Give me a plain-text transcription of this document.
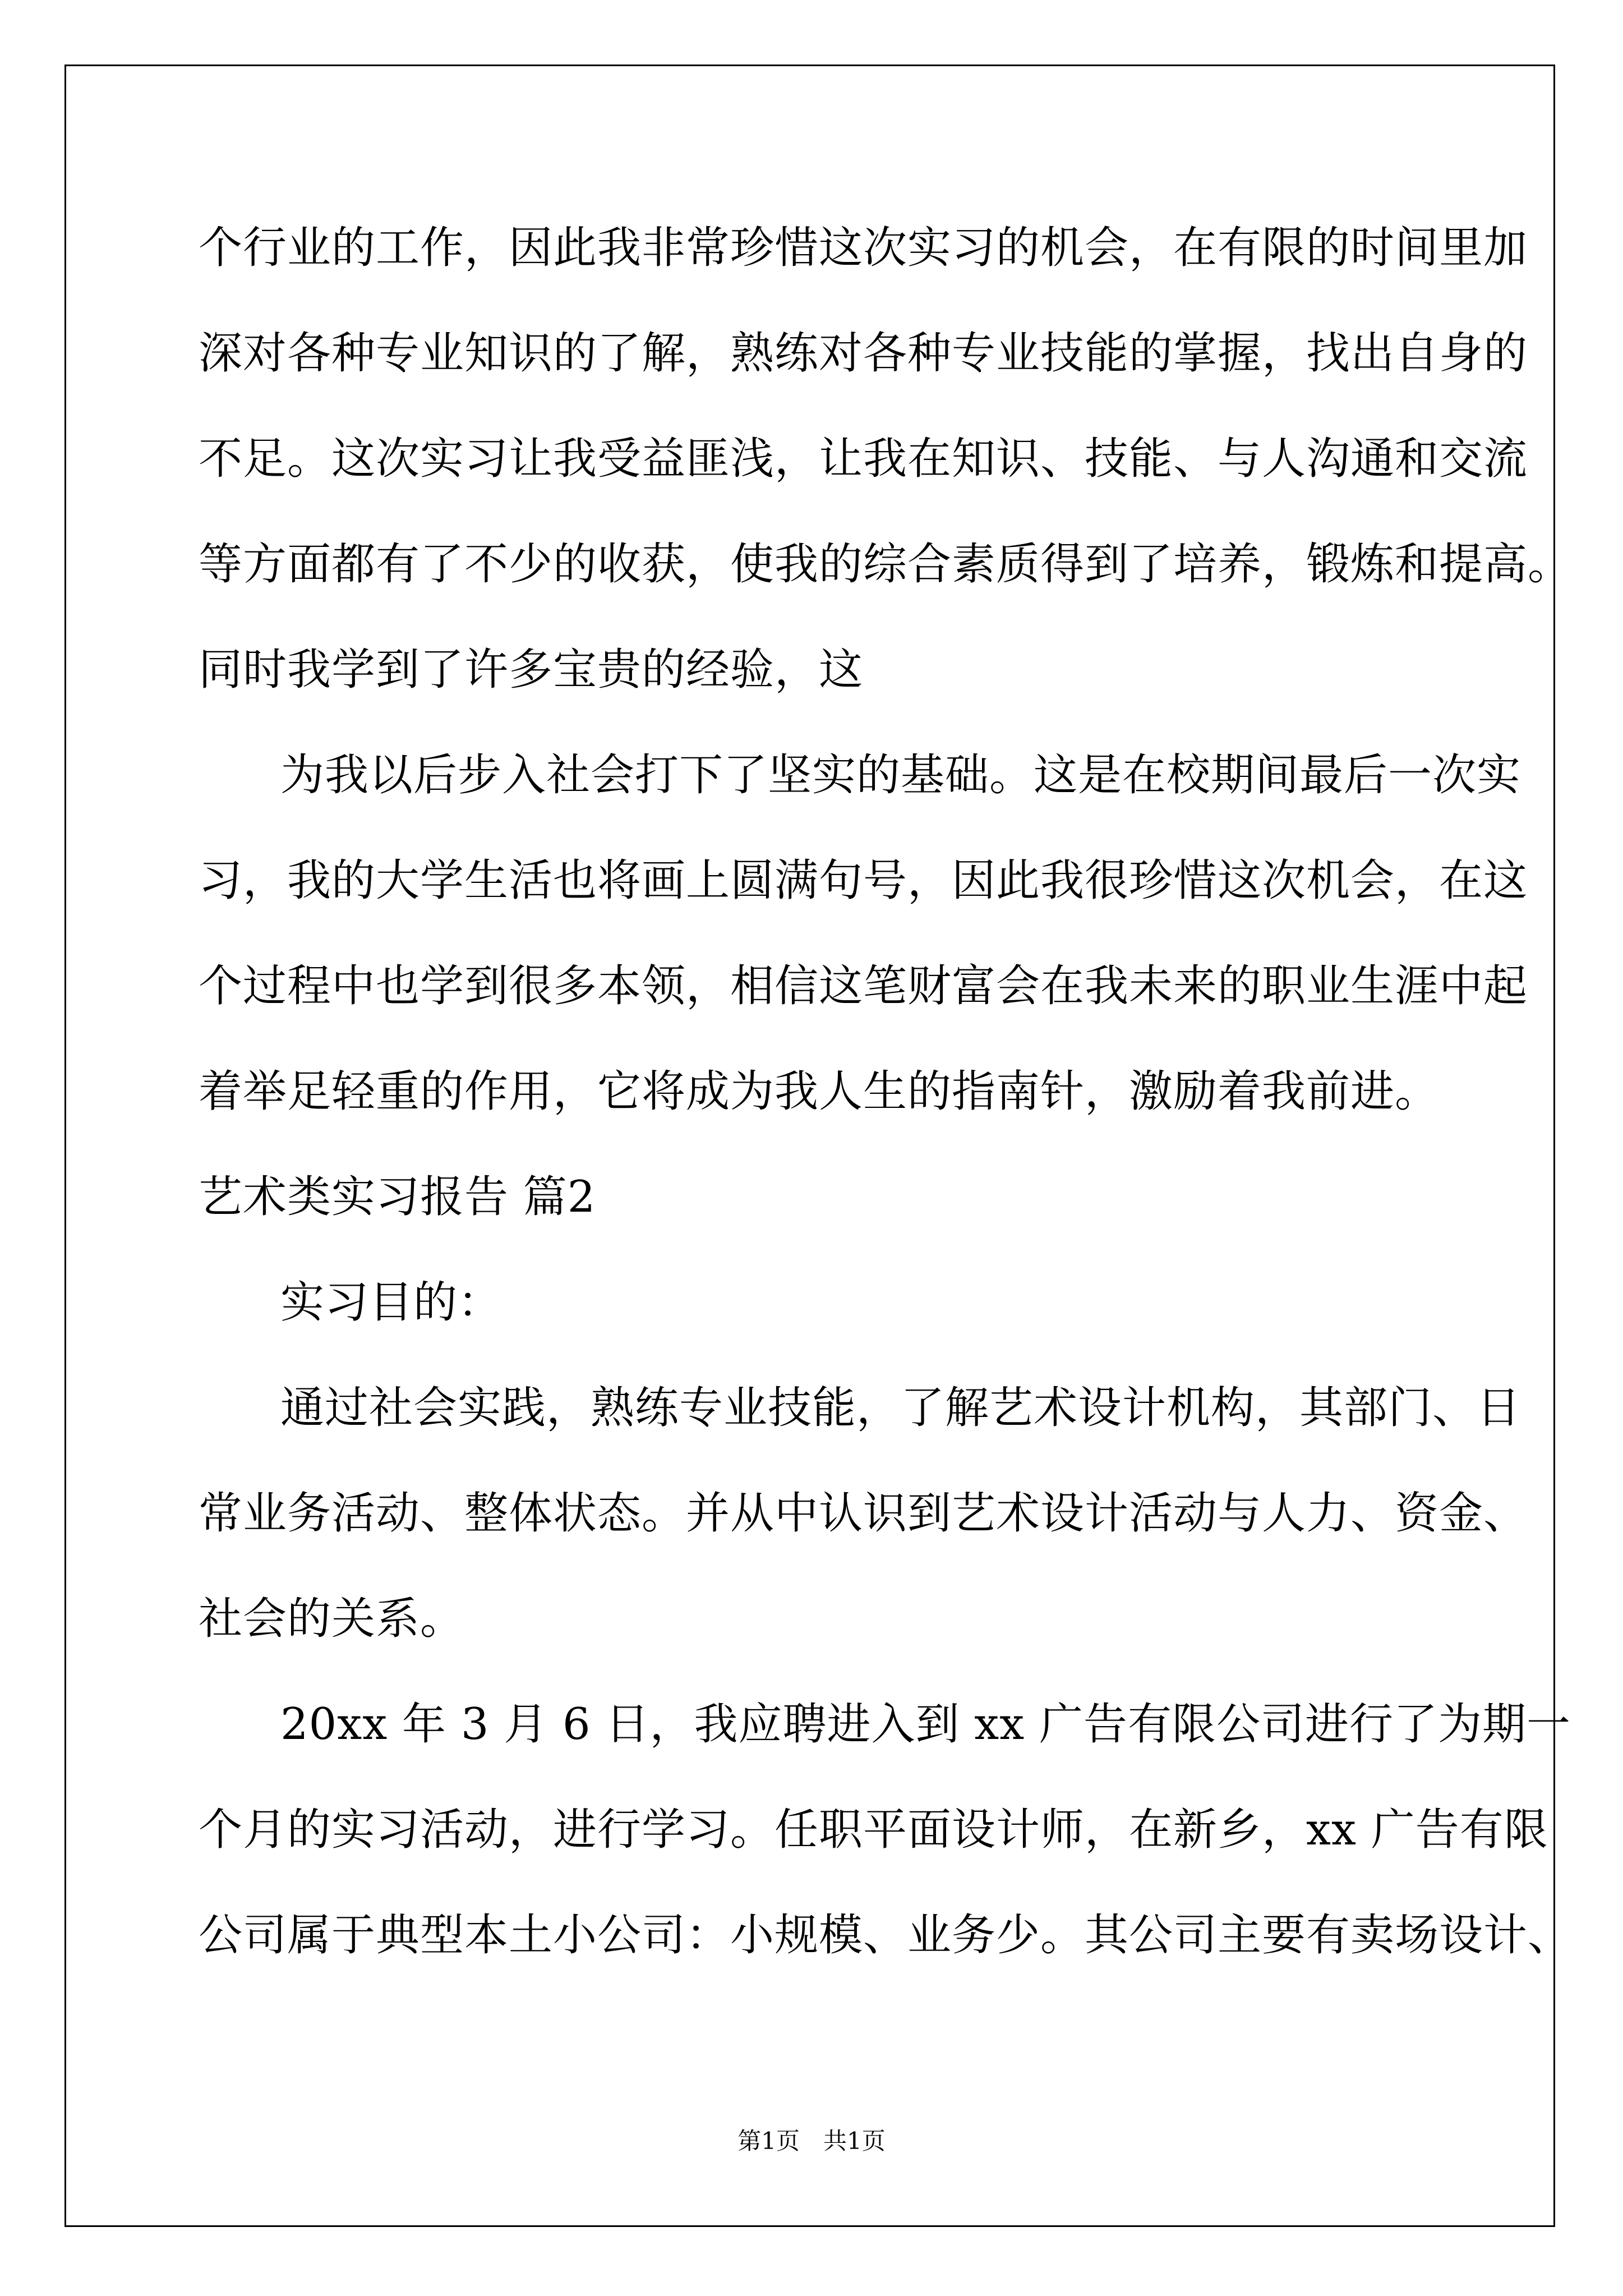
个行业的工作，因此我非常珍惜这次实习的机会，在有限的时间里加
深对各种专业知识的了解，熟练对各种专业技能的掌握，找出自身的
不足。这次实习让我受益匪浅，让我在知识、技能、与人沟通和交流
等方面都有了不少的收获，使我的综合素质得到了培养，锻炼和提高。
同时我学到了许多宝贵的经验，这
为我以后步入社会打下了坚实的基础。这是在校期间最后一次实
习，我的大学生活也将画上圆满句号，因此我很珍惜这次机会，在这
个过程中也学到很多本领，相信这笔财富会在我未来的职业生涯中起
着举足轻重的作用，它将成为我人生的指南针，激励着我前进。
艺术类实习报告 篇2
实习目的：
通过社会实践，熟练专业技能，了解艺术设计机构，其部门、日
常业务活动、整体状态。并从中认识到艺术设计活动与人力、资金、
社会的关系。
20xx 年 3 月 6 日，我应聘进入到 xx 广告有限公司进行了为期一
个月的实习活动，进行学习。任职平面设计师，在新乡，xx 广告有限
公司属于典型本土小公司：小规模、业务少。其公司主要有卖场设计、
第1页 共1页
